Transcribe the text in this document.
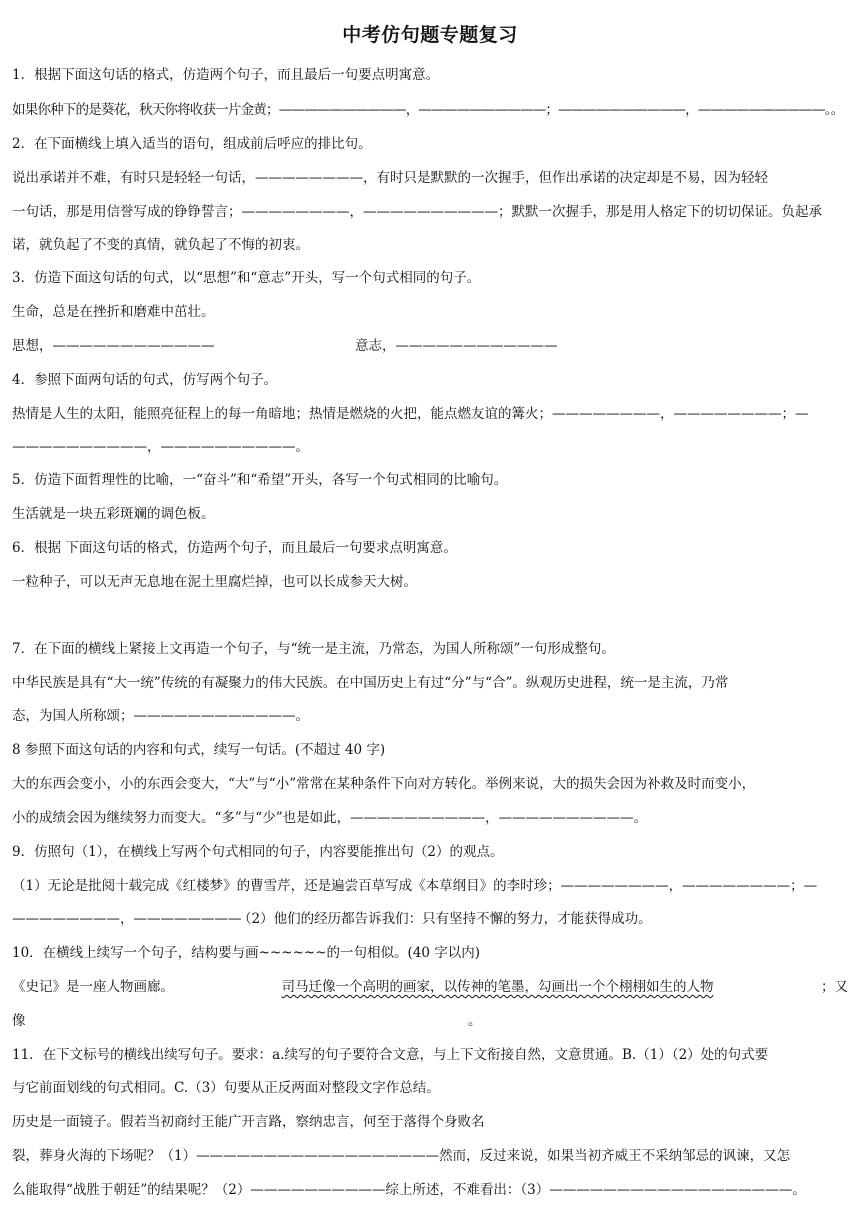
中考仿句题专题复习
1．根据下面这句话的格式，仿造两个句子，而且最后一句要点明寓意。
如果你种下的是葵花，秋天你将收获一片金黄；——————————，——————————；——————————，——————————。。
2．在下面横线上填入适当的语句，组成前后呼应的排比句。
说出承诺并不难，有时只是轻轻一句话，————————，有时只是默默的一次握手，但作出承诺的决定却是不易，因为轻轻
一句话，那是用信誉写成的铮铮誓言；————————，——————————；默默一次握手，那是用人格定下的切切保证。负起承
诺，就负起了不变的真情，就负起了不悔的初衷。
3．仿造下面这句话的句式，以“思想”和“意志”开头，写一个句式相同的句子。
生命，总是在挫折和磨难中茁壮。
思想，————————————	意志，————————————
4．参照下面两句话的句式，仿写两个句子。
热情是人生的太阳，能照亮征程上的每一角暗地；热情是燃烧的火把，能点燃友谊的篝火；————————，————————；—
——————————，——————————。
5．仿造下面哲理性的比喻，一“奋斗”和“希望”开头，各写一个句式相同的比喻句。
生活就是一块五彩斑斓的调色板。
6．根据 下面这句话的格式，仿造两个句子，而且最后一句要求点明寓意。
一粒种子，可以无声无息地在泥土里腐烂掉，也可以长成参天大树。
7．在下面的横线上紧接上文再造一个句子，与“统一是主流，乃常态，为国人所称颂”一句形成整句。
中华民族是具有“大一统”传统的有凝聚力的伟大民族。在中国历史上有过“分”与“合”。纵观历史进程，统一是主流，乃常
态，为国人所称颂；————————————。
8 参照下面这句话的内容和句式，续写一句话。(不超过 40 字)
大的东西会变小，小的东西会变大，“大”与“小”常常在某种条件下向对方转化。举例来说，大的损失会因为补救及时而变小，
小的成绩会因为继续努力而变大。“多”与“少”也是如此，——————————，——————————。
9．仿照句（1），在横线上写两个句式相同的句子，内容要能推出句（2）的观点。
（1）无论是批阅十载完成《红楼梦》的曹雪芹，还是遍尝百草写成《本草纲目》的李时珍；————————，————————；—
————————，————————
（2）他们的经历都告诉我们：只有坚持不懈的努力，才能获得成功。
10．在横线上续写一个句子，结构要与画~~~~~~的一句相似。(40 字以内)
《史记》是一座人物画廊。	司马迁像一个高明的画家，以传神的笔墨，勾画出一个个栩栩如生的人物	；又
像	。
11．在下文标号的横线出续写句子。要求：a.续写的句子要符合文意，与上下文衔接自然，文意贯通。B.（1）（2）处的句式要
与它前面划线的句式相同。C.（3）句要从正反两面对整段文字作总结。
历史是一面镜子。假若当初商纣王能广开言路，察纳忠言，何至于落得个身败名
裂，葬身火海的下场呢？（1）——————————————————然而，反过来说，如果当初齐威王不采纳邹忌的讽谏，又怎
么能取得“战胜于朝廷”的结果呢？（2）——————————综上所述，不难看出：（3）——————————————————。
